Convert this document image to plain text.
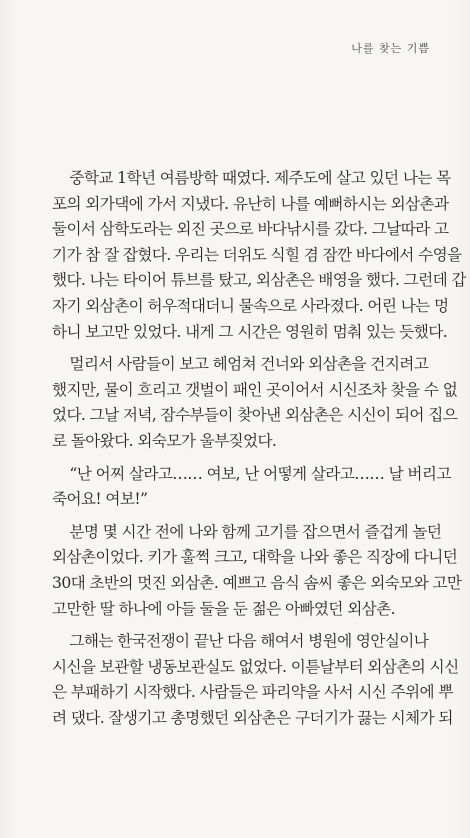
나를 찾는 기쁨
중학교 1학년 여름방학 때였다. 제주도에 살고 있던 나는 목
포의 외가댁에 가서 지냈다. 유난히 나를 예뻐하시는 외삼촌과
둘이서 삼학도라는 외진 곳으로 바다낚시를 갔다. 그날따라 고
기가 참 잘 잡혔다. 우리는 더위도 식힐 겸 잠깐 바다에서 수영을
했다. 나는 타이어 튜브를 탔고, 외삼촌은 배영을 했다. 그런데 갑
자기 외삼촌이 허우적대더니 물속으로 사라졌다. 어린 나는 멍
하니 보고만 있었다. 내게 그 시간은 영원히 멈춰 있는 듯했다.
멀리서 사람들이 보고 헤엄쳐 건너와 외삼촌을 건지려고
했지만, 물이 흐리고 갯벌이 패인 곳이어서 시신조차 찾을 수 없
었다. 그날 저녁, 잠수부들이 찾아낸 외삼촌은 시신이 되어 집으
로 돌아왔다. 외숙모가 울부짖었다.
“난 어찌 살라고…… 여보, 난 어떻게 살라고…… 날 버리고
죽어요! 여보!”
분명 몇 시간 전에 나와 함께 고기를 잡으면서 즐겁게 놀던
외삼촌이었다. 키가 훌쩍 크고, 대학을 나와 좋은 직장에 다니던
30대 초반의 멋진 외삼촌. 예쁘고 음식 솜씨 좋은 외숙모와 고만
고만한 딸 하나에 아들 둘을 둔 젊은 아빠였던 외삼촌.
그해는 한국전쟁이 끝난 다음 해여서 병원에 영안실이나
시신을 보관할 냉동보관실도 없었다. 이튿날부터 외삼촌의 시신
은 부패하기 시작했다. 사람들은 파리약을 사서 시신 주위에 뿌
려 댔다. 잘생기고 총명했던 외삼촌은 구더기가 끓는 시체가 되
